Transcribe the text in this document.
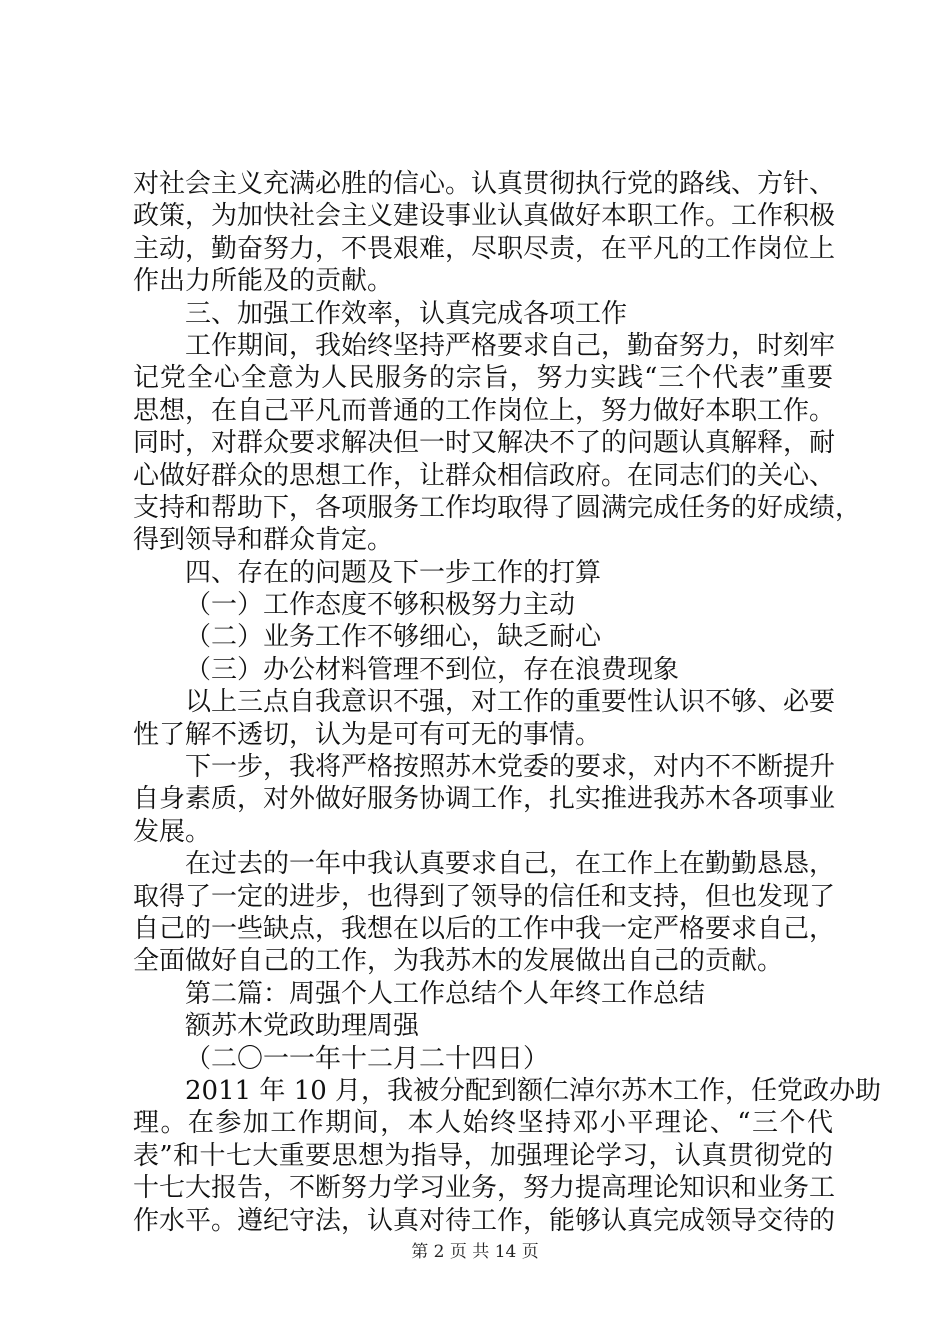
对社会主义充满必胜的信心。认真贯彻执行党的路线、方针、
政策，为加快社会主义建设事业认真做好本职工作。工作积极
主动，勤奋努力，不畏艰难，尽职尽责，在平凡的工作岗位上
作出力所能及的贡献。
三、加强工作效率，认真完成各项工作
工作期间，我始终坚持严格要求自己，勤奋努力，时刻牢
记党全心全意为人民服务的宗旨，努力实践“三个代表”重要
思想，在自己平凡而普通的工作岗位上，努力做好本职工作。
同时，对群众要求解决但一时又解决不了的问题认真解释，耐
心做好群众的思想工作，让群众相信政府。在同志们的关心、
支持和帮助下，各项服务工作均取得了圆满完成任务的好成绩，
得到领导和群众肯定。
四、存在的问题及下一步工作的打算
（一）工作态度不够积极努力主动
（二）业务工作不够细心，缺乏耐心
（三）办公材料管理不到位，存在浪费现象
以上三点自我意识不强，对工作的重要性认识不够、必要
性了解不透切，认为是可有可无的事情。
下一步，我将严格按照苏木党委的要求，对内不不断提升
自身素质，对外做好服务协调工作，扎实推进我苏木各项事业
发展。
在过去的一年中我认真要求自己，在工作上在勤勤恳恳，
取得了一定的进步，也得到了领导的信任和支持，但也发现了
自己的一些缺点，我想在以后的工作中我一定严格要求自己，
全面做好自己的工作，为我苏木的发展做出自己的贡献。
第二篇：周强个人工作总结个人年终工作总结
额苏木党政助理周强
（二〇一一年十二月二十四日）
2011 年 10 月，我被分配到额仁淖尔苏木工作，任党政办助
理。在参加工作期间，本人始终坚持邓小平理论、“三个代
表”和十七大重要思想为指导，加强理论学习，认真贯彻党的
十七大报告，不断努力学习业务，努力提高理论知识和业务工
作水平。遵纪守法，认真对待工作，能够认真完成领导交待的
第 2 页 共 14 页
